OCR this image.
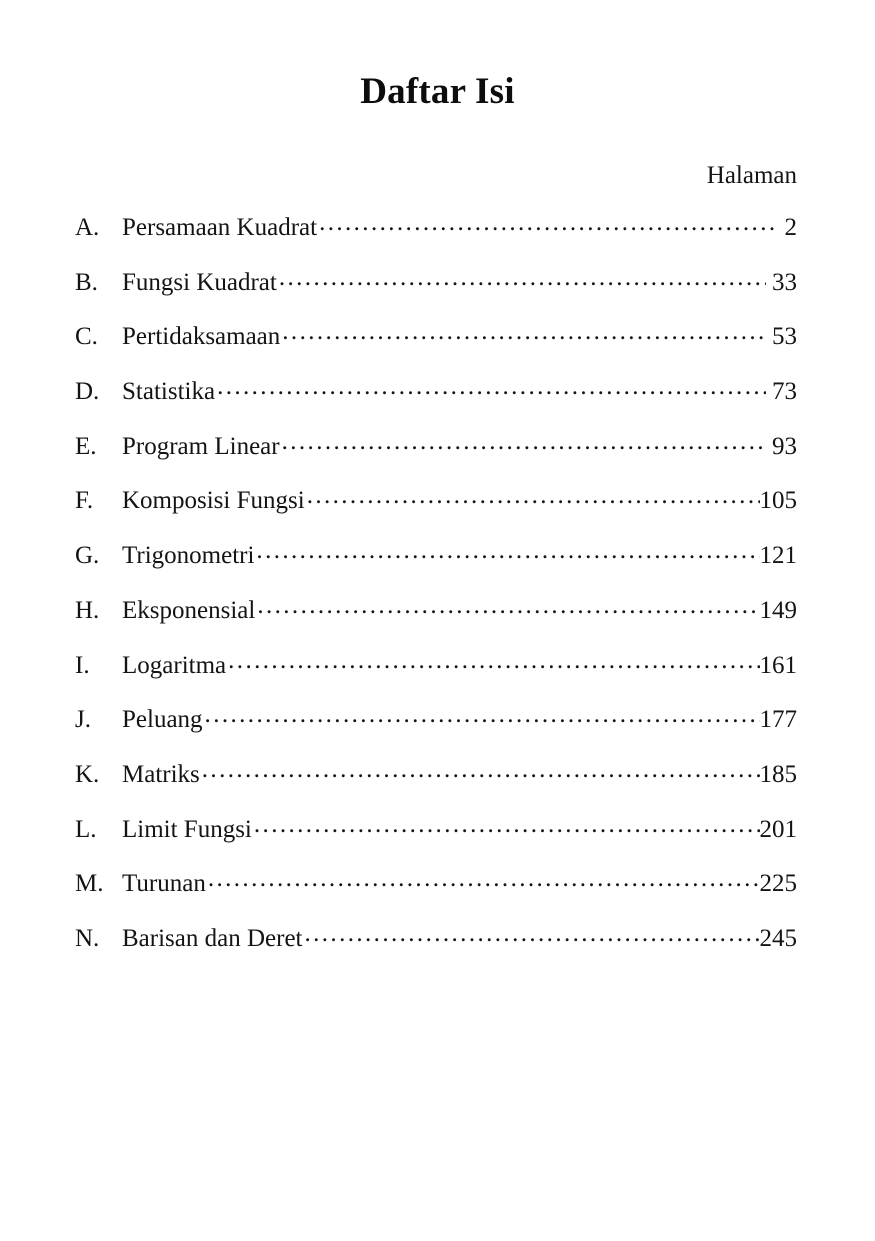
Daftar Isi
Halaman
A. Persamaan Kuadrat .....	2
B. Fungsi Kuadrat .....	33
C. Pertidaksamaan .....	53
D. Statistika .....	73
E.	Program Linear .....	93
F.	Komposisi Fungsi .....	105
G. Trigonometri .....	121
H. Eksponensial .....	149
I.	Logaritma .....	161
J.	Peluang .....	177
K. Matriks .....	185
L.	Limit Fungsi .....	201
M. Turunan .....	225
N. Barisan dan Deret .....	245
